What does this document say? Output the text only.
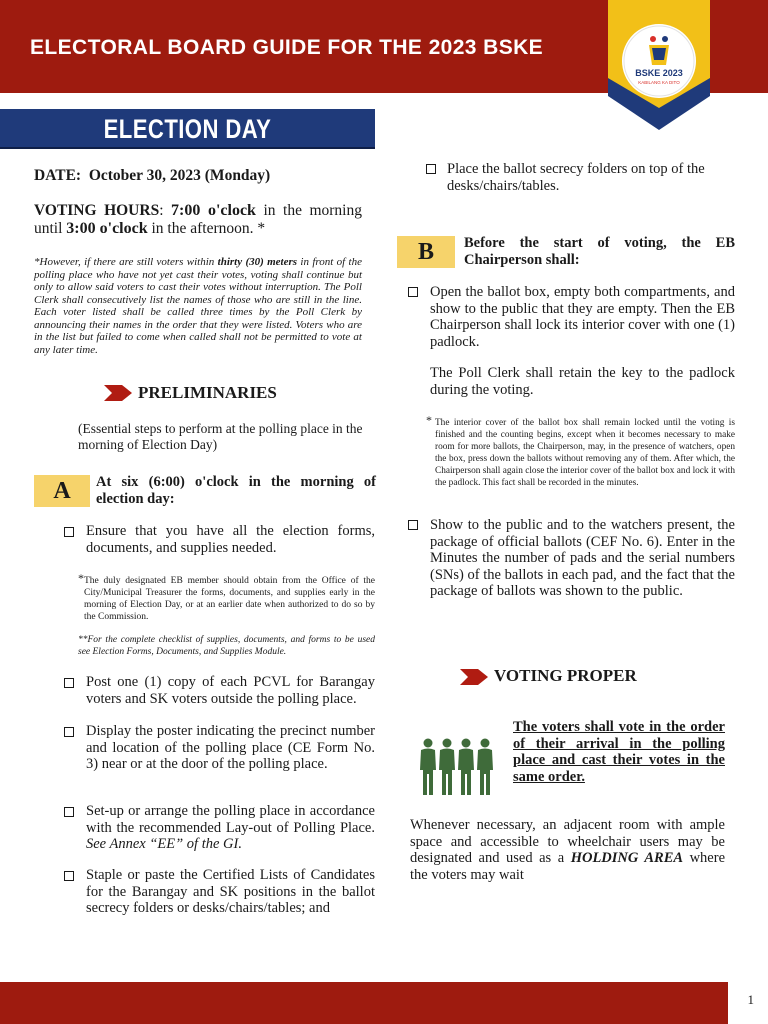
ELECTORAL BOARD GUIDE FOR THE 2023 BSKE
BSKE 2023
KABILANG KA DITO
ELECTION DAY
DATE: October 30, 2023 (Monday)
VOTING HOURS: 7:00 o'clock in the morning until 3:00 o'clock in the afternoon. *
*However, if there are still voters within thirty (30) meters in front of the polling place who have not yet cast their votes, voting shall continue but only to allow said voters to cast their votes without interruption. The Poll Clerk shall consecutively list the names of those who are still in the line. Each voter listed shall be called three times by the Poll Clerk by announcing their names in the order that they were listed. Voters who are in the list but failed to come when called shall not be permitted to vote at any later time.
PRELIMINARIES
(Essential steps to perform at the polling place in the morning of Election Day)
A	At six (6:00) o'clock in the morning of election day:
Ensure that you have all the election forms, documents, and supplies needed.
* The duly designated EB member should obtain from the Office of the City/Municipal Treasurer the forms, documents, and supplies early in the morning of Election Day, or at an earlier date when authorized to do so by the Commission.
**For the complete checklist of supplies, documents, and forms to be used see Election Forms, Documents, and Supplies Module.
Post one (1) copy of each PCVL for Barangay voters and SK voters outside the polling place.
Display the poster indicating the precinct number and location of the polling place (CE Form No. 3) near or at the door of the polling place.
Set-up or arrange the polling place in accordance with the recommended Lay-out of Polling Place. See Annex “EE” of the GI.
Staple or paste the Certified Lists of Candidates for the Barangay and SK positions in the ballot secrecy folders or desks/chairs/tables; and
Place the ballot secrecy folders on top of the desks/chairs/tables.
B	Before the start of voting, the EB Chairperson shall:
Open the ballot box, empty both compartments, and show to the public that they are empty. Then the EB Chairperson shall lock its interior cover with one (1) padlock.
The Poll Clerk shall retain the key to the padlock during the voting.
* The interior cover of the ballot box shall remain locked until the voting is finished and the counting begins, except when it becomes necessary to make room for more ballots, the Chairperson, may, in the presence of watchers, open the box, press down the ballots without removing any of them. After which, the Chairperson shall again close the interior cover of the ballot box and lock it with the padlock. This fact shall be recorded in the minutes.
Show to the public and to the watchers present, the package of official ballots (CEF No. 6). Enter in the Minutes the number of pads and the serial numbers (SNs) of the ballots in each pad, and the fact that the package of ballots was shown to the public.
VOTING PROPER
The voters shall vote in the order of their arrival in the polling place and cast their votes in the same order.
Whenever necessary, an adjacent room with ample space and accessible to wheelchair users may be designated and used as a HOLDING AREA where the voters may wait
1
